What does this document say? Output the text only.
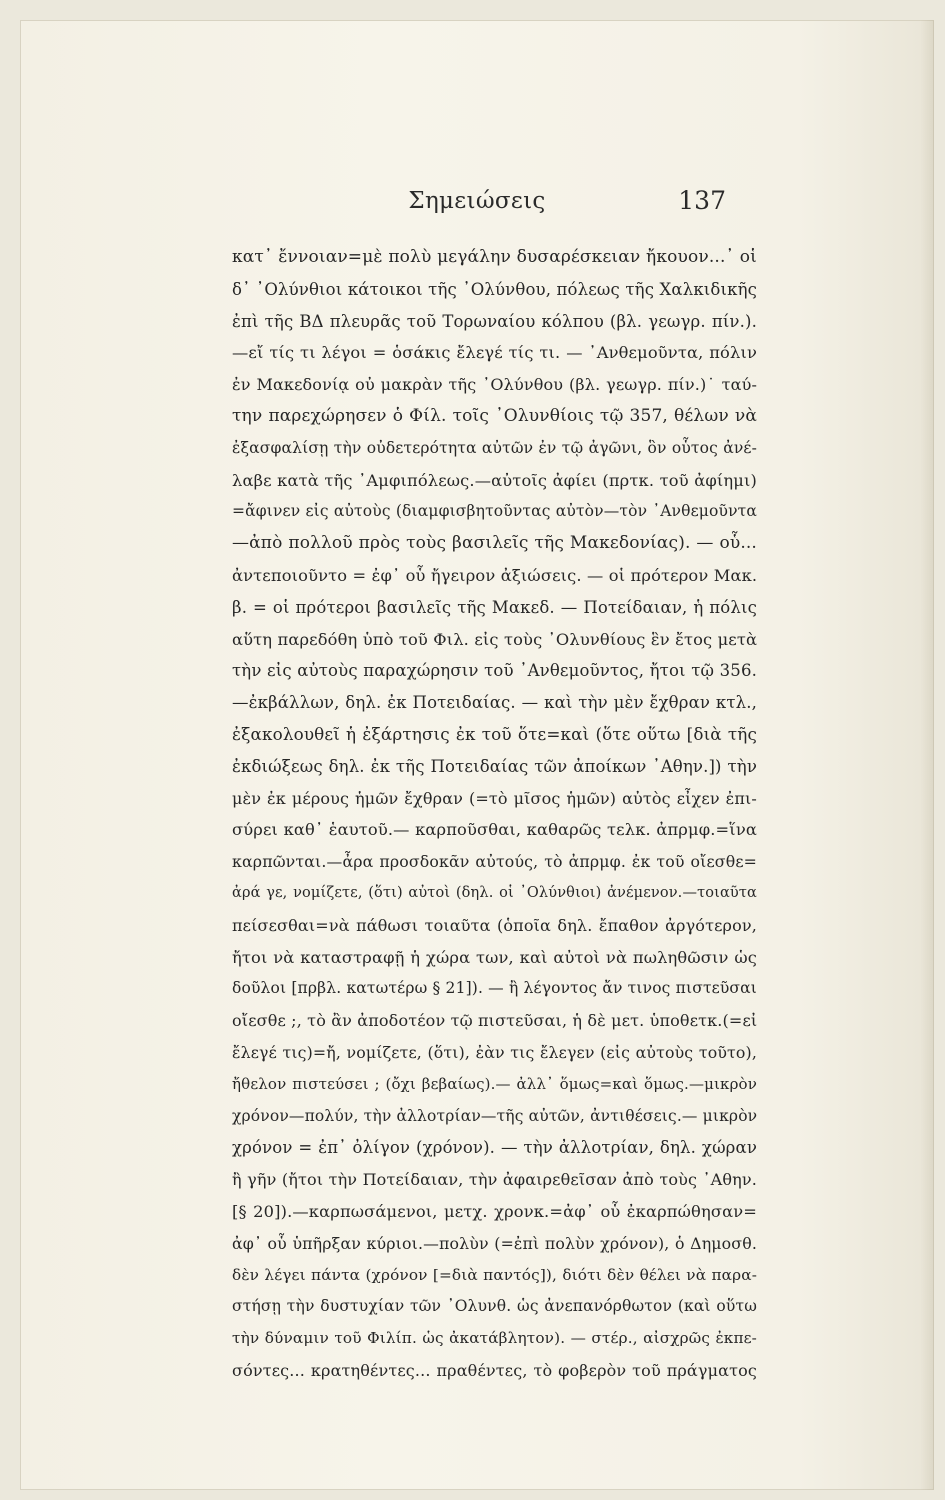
Σημειώσεις	137
κατ᾽ ἔννοιαν=μὲ πολὺ μεγάλην δυσαρέσκειαν ἤκουον...᾽ οἱ
δ᾽ ᾽Ολύνθιοι κάτοικοι τῆς ᾽Ολύνθου, πόλεως τῆς Χαλκιδικῆς
ἐπὶ τῆς ΒΔ πλευρᾶς τοῦ Τορωναίου κόλπου (βλ. γεωγρ. πίν.).
—εἴ τίς τι λέγοι = ὁσάκις ἔλεγέ τίς τι. — ᾽Ανθεμοῦντα, πόλιν
ἐν Μακεδονίᾳ οὐ μακρὰν τῆς ᾽Ολύνθου (βλ. γεωγρ. πίν.)˙ ταύ-
την παρεχώρησεν ὁ Φίλ. τοῖς ᾽Ολυνθίοις τῷ 357, θέλων νὰ
ἐξασφαλίσῃ τὴν οὐδετερότητα αὐτῶν ἐν τῷ ἀγῶνι, ὃν οὗτος ἀνέ-
λαβε κατὰ τῆς ᾽Αμφιπόλεως.—αὐτοῖς ἀφίει (πρτκ. τοῦ ἀφίημι)
=ἄφινεν εἰς αὐτοὺς (διαμφισβητοῦντας αὐτὸν—τὸν ᾽Ανθεμοῦντα
—ἀπὸ πολλοῦ πρὸς τοὺς βασιλεῖς τῆς Μακεδονίας). — οὗ...
ἀντεποιοῦντο = ἐφ᾽ οὗ ἤγειρον ἀξιώσεις. — οἱ πρότερον Μακ.
β. = οἱ πρότεροι βασιλεῖς τῆς Μακεδ. — Ποτείδαιαν, ἡ πόλις
αὕτη παρεδόθη ὑπὸ τοῦ Φιλ. εἰς τοὺς ᾽Ολυνθίους ἓν ἔτος μετὰ
τὴν εἰς αὐτοὺς παραχώρησιν τοῦ ᾽Ανθεμοῦντος, ἤτοι τῷ 356.
—ἐκβάλλων, δηλ. ἐκ Ποτειδαίας. — καὶ τὴν μὲν ἔχθραν κτλ.,
ἐξακολουθεῖ ἡ ἐξάρτησις ἐκ τοῦ ὅτε=καὶ (ὅτε οὕτω [διὰ τῆς
ἐκδιώξεως δηλ. ἐκ τῆς Ποτειδαίας τῶν ἀποίκων ᾽Αθην.]) τὴν
μὲν ἐκ μέρους ἡμῶν ἔχθραν (=τὸ μῖσος ἡμῶν) αὐτὸς εἶχεν ἐπι-
σύρει καθ᾽ ἑαυτοῦ.— καρποῦσθαι, καθαρῶς τελκ. ἀπρμφ.=ἵνα
καρπῶνται.—ἆρα προσδοκᾶν αὐτούς, τὸ ἀπρμφ. ἐκ τοῦ οἴεσθε=
ἀρά γε, νομίζετε, (ὅτι) αὐτοὶ (δηλ. οἱ ᾽Ολύνθιοι) ἀνέμενον.—τοιαῦτα
πείσεσθαι=νὰ πάθωσι τοιαῦτα (ὁποῖα δηλ. ἔπαθον ἀργότερον,
ἤτοι νὰ καταστραφῇ ἡ χώρα των, καὶ αὐτοὶ νὰ πωληθῶσιν ὡς
δοῦλοι [πρβλ. κατωτέρω § 21]). — ἢ λέγοντος ἄν τινος πιστεῦσαι
οἴεσθε ;, τὸ ἂν ἀποδοτέον τῷ πιστεῦσαι, ἡ δὲ μετ. ὑποθετκ.(=εἰ
ἔλεγέ τις)=ἤ, νομίζετε, (ὅτι), ἐὰν τις ἔλεγεν (εἰς αὐτοὺς τοῦτο),
ἤθελον πιστεύσει ; (ὄχι βεβαίως).— ἀλλ᾽ ὅμως=καὶ ὅμως.—μικρὸν
χρόνον—πολύν, τὴν ἀλλοτρίαν—τῆς αὐτῶν, ἀντιθέσεις.— μικρὸν
χρόνον = ἐπ᾽ ὀλίγον (χρόνον). — τὴν ἀλλοτρίαν, δηλ. χώραν
ἢ γῆν (ἤτοι τὴν Ποτείδαιαν, τὴν ἀφαιρεθεῖσαν ἀπὸ τοὺς ᾽Αθην.
[§ 20]).—καρπωσάμενοι, μετχ. χρονκ.=ἀφ᾽ οὗ ἐκαρπώθησαν=
ἀφ᾽ οὗ ὑπῆρξαν κύριοι.—πολὺν (=ἐπὶ πολὺν χρόνον), ὁ Δημοσθ.
δὲν λέγει πάντα (χρόνον [=διὰ παντός]), διότι δὲν θέλει νὰ παρα-
στήσῃ τὴν δυστυχίαν τῶν ᾽Ολυνθ. ὡς ἀνεπανόρθωτον (καὶ οὕτω
τὴν δύναμιν τοῦ Φιλίπ. ὡς ἀκατάβλητον). — στέρ., αἰσχρῶς ἐκπε-
σόντες... κρατηθέντες... πραθέντες, τὸ φοβερὸν τοῦ πράγματος
